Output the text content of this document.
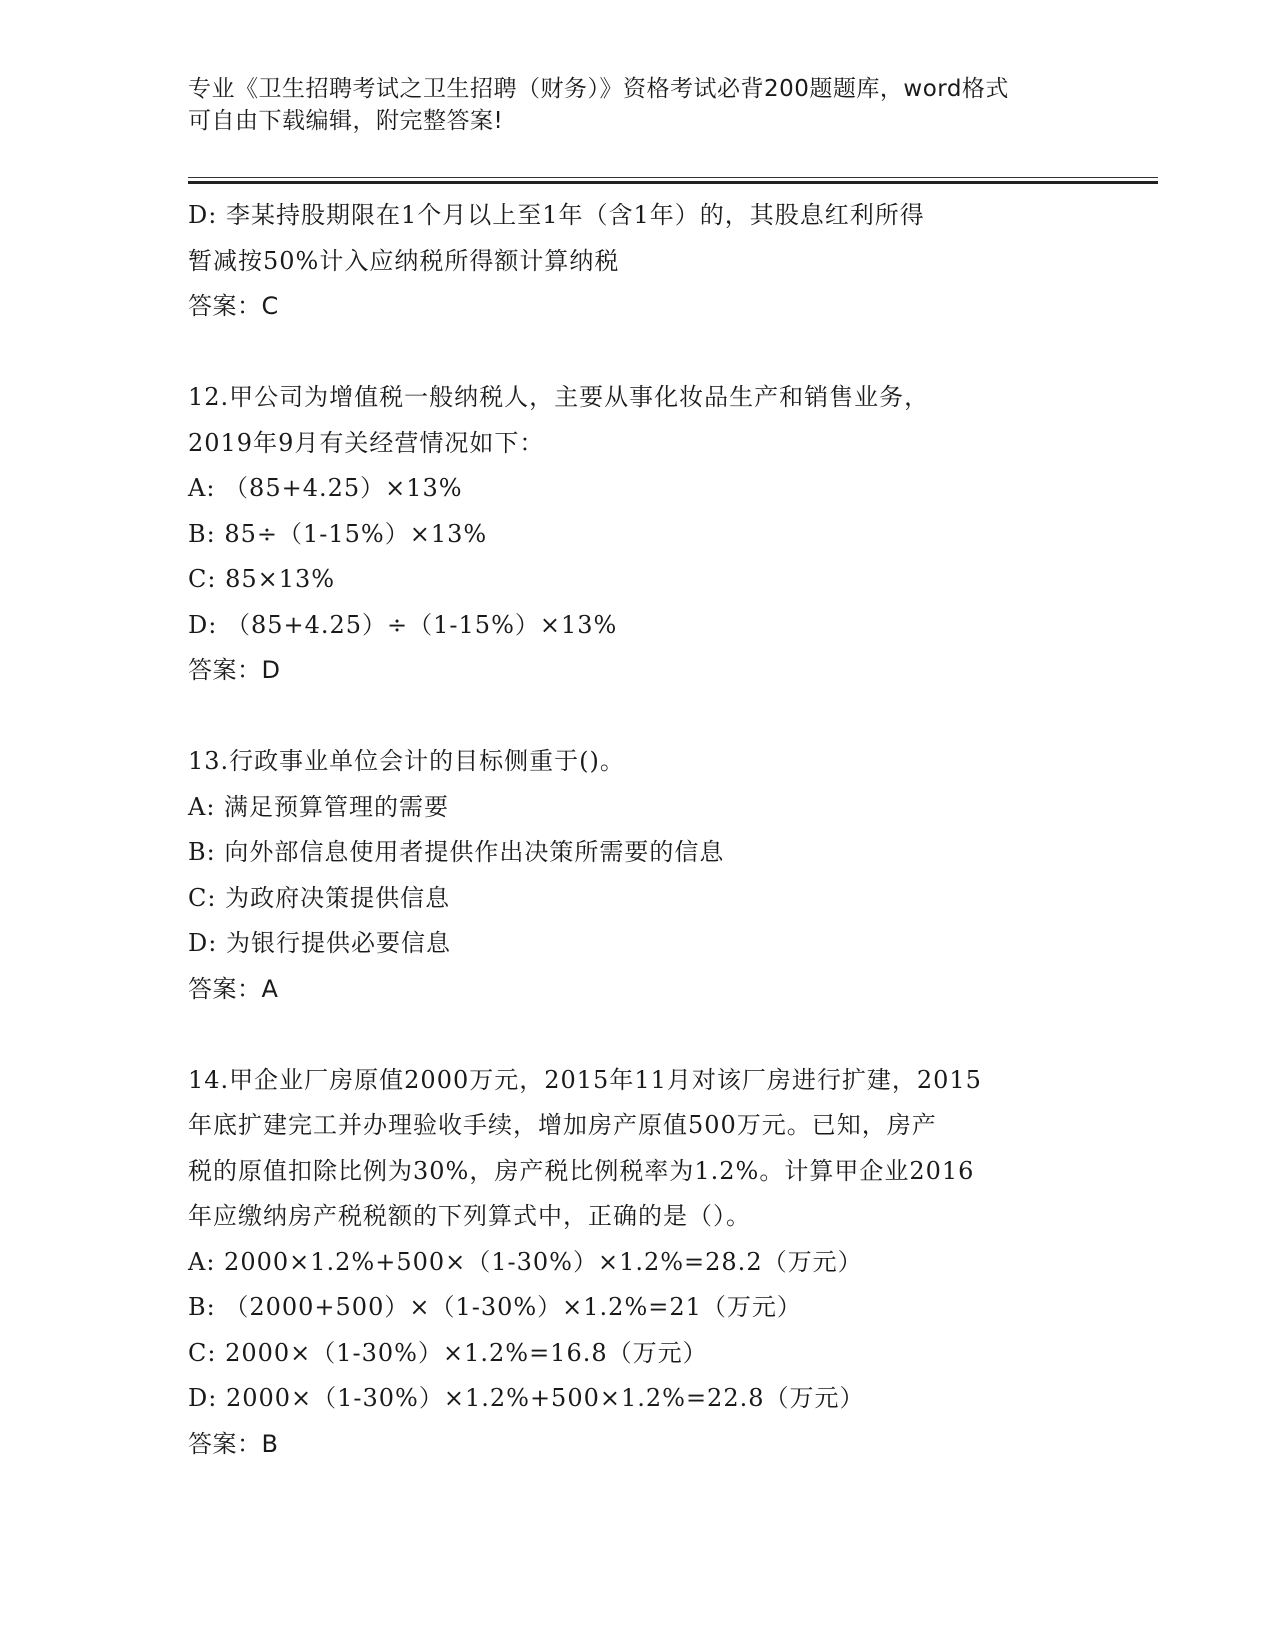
专业《卫生招聘考试之卫生招聘（财务）》资格考试必背200题题库，word格式
可自由下载编辑，附完整答案!
D: 李某持股期限在1个月以上至1年（含1年）的，其股息红利所得
暂减按50%计入应纳税所得额计算纳税
答案：C
12.甲公司为增值税一般纳税人，主要从事化妆品生产和销售业务，
2019年9月有关经营情况如下：
A: （85+4.25）×13%
B: 85÷（1-15%）×13%
C: 85×13%
D: （85+4.25）÷（1-15%）×13%
答案：D
13.行政事业单位会计的目标侧重于()。
A: 满足预算管理的需要
B: 向外部信息使用者提供作出决策所需要的信息
C: 为政府决策提供信息
D: 为银行提供必要信息
答案：A
14.甲企业厂房原值2000万元，2015年11月对该厂房进行扩建，2015
年底扩建完工并办理验收手续，增加房产原值500万元。已知，房产
税的原值扣除比例为30%，房产税比例税率为1.2%。计算甲企业2016
年应缴纳房产税税额的下列算式中，正确的是（）。
A: 2000×1.2%+500×（1-30%）×1.2%=28.2（万元）
B: （2000+500）×（1-30%）×1.2%=21（万元）
C: 2000×（1-30%）×1.2%=16.8（万元）
D: 2000×（1-30%）×1.2%+500×1.2%=22.8（万元）
答案：B
